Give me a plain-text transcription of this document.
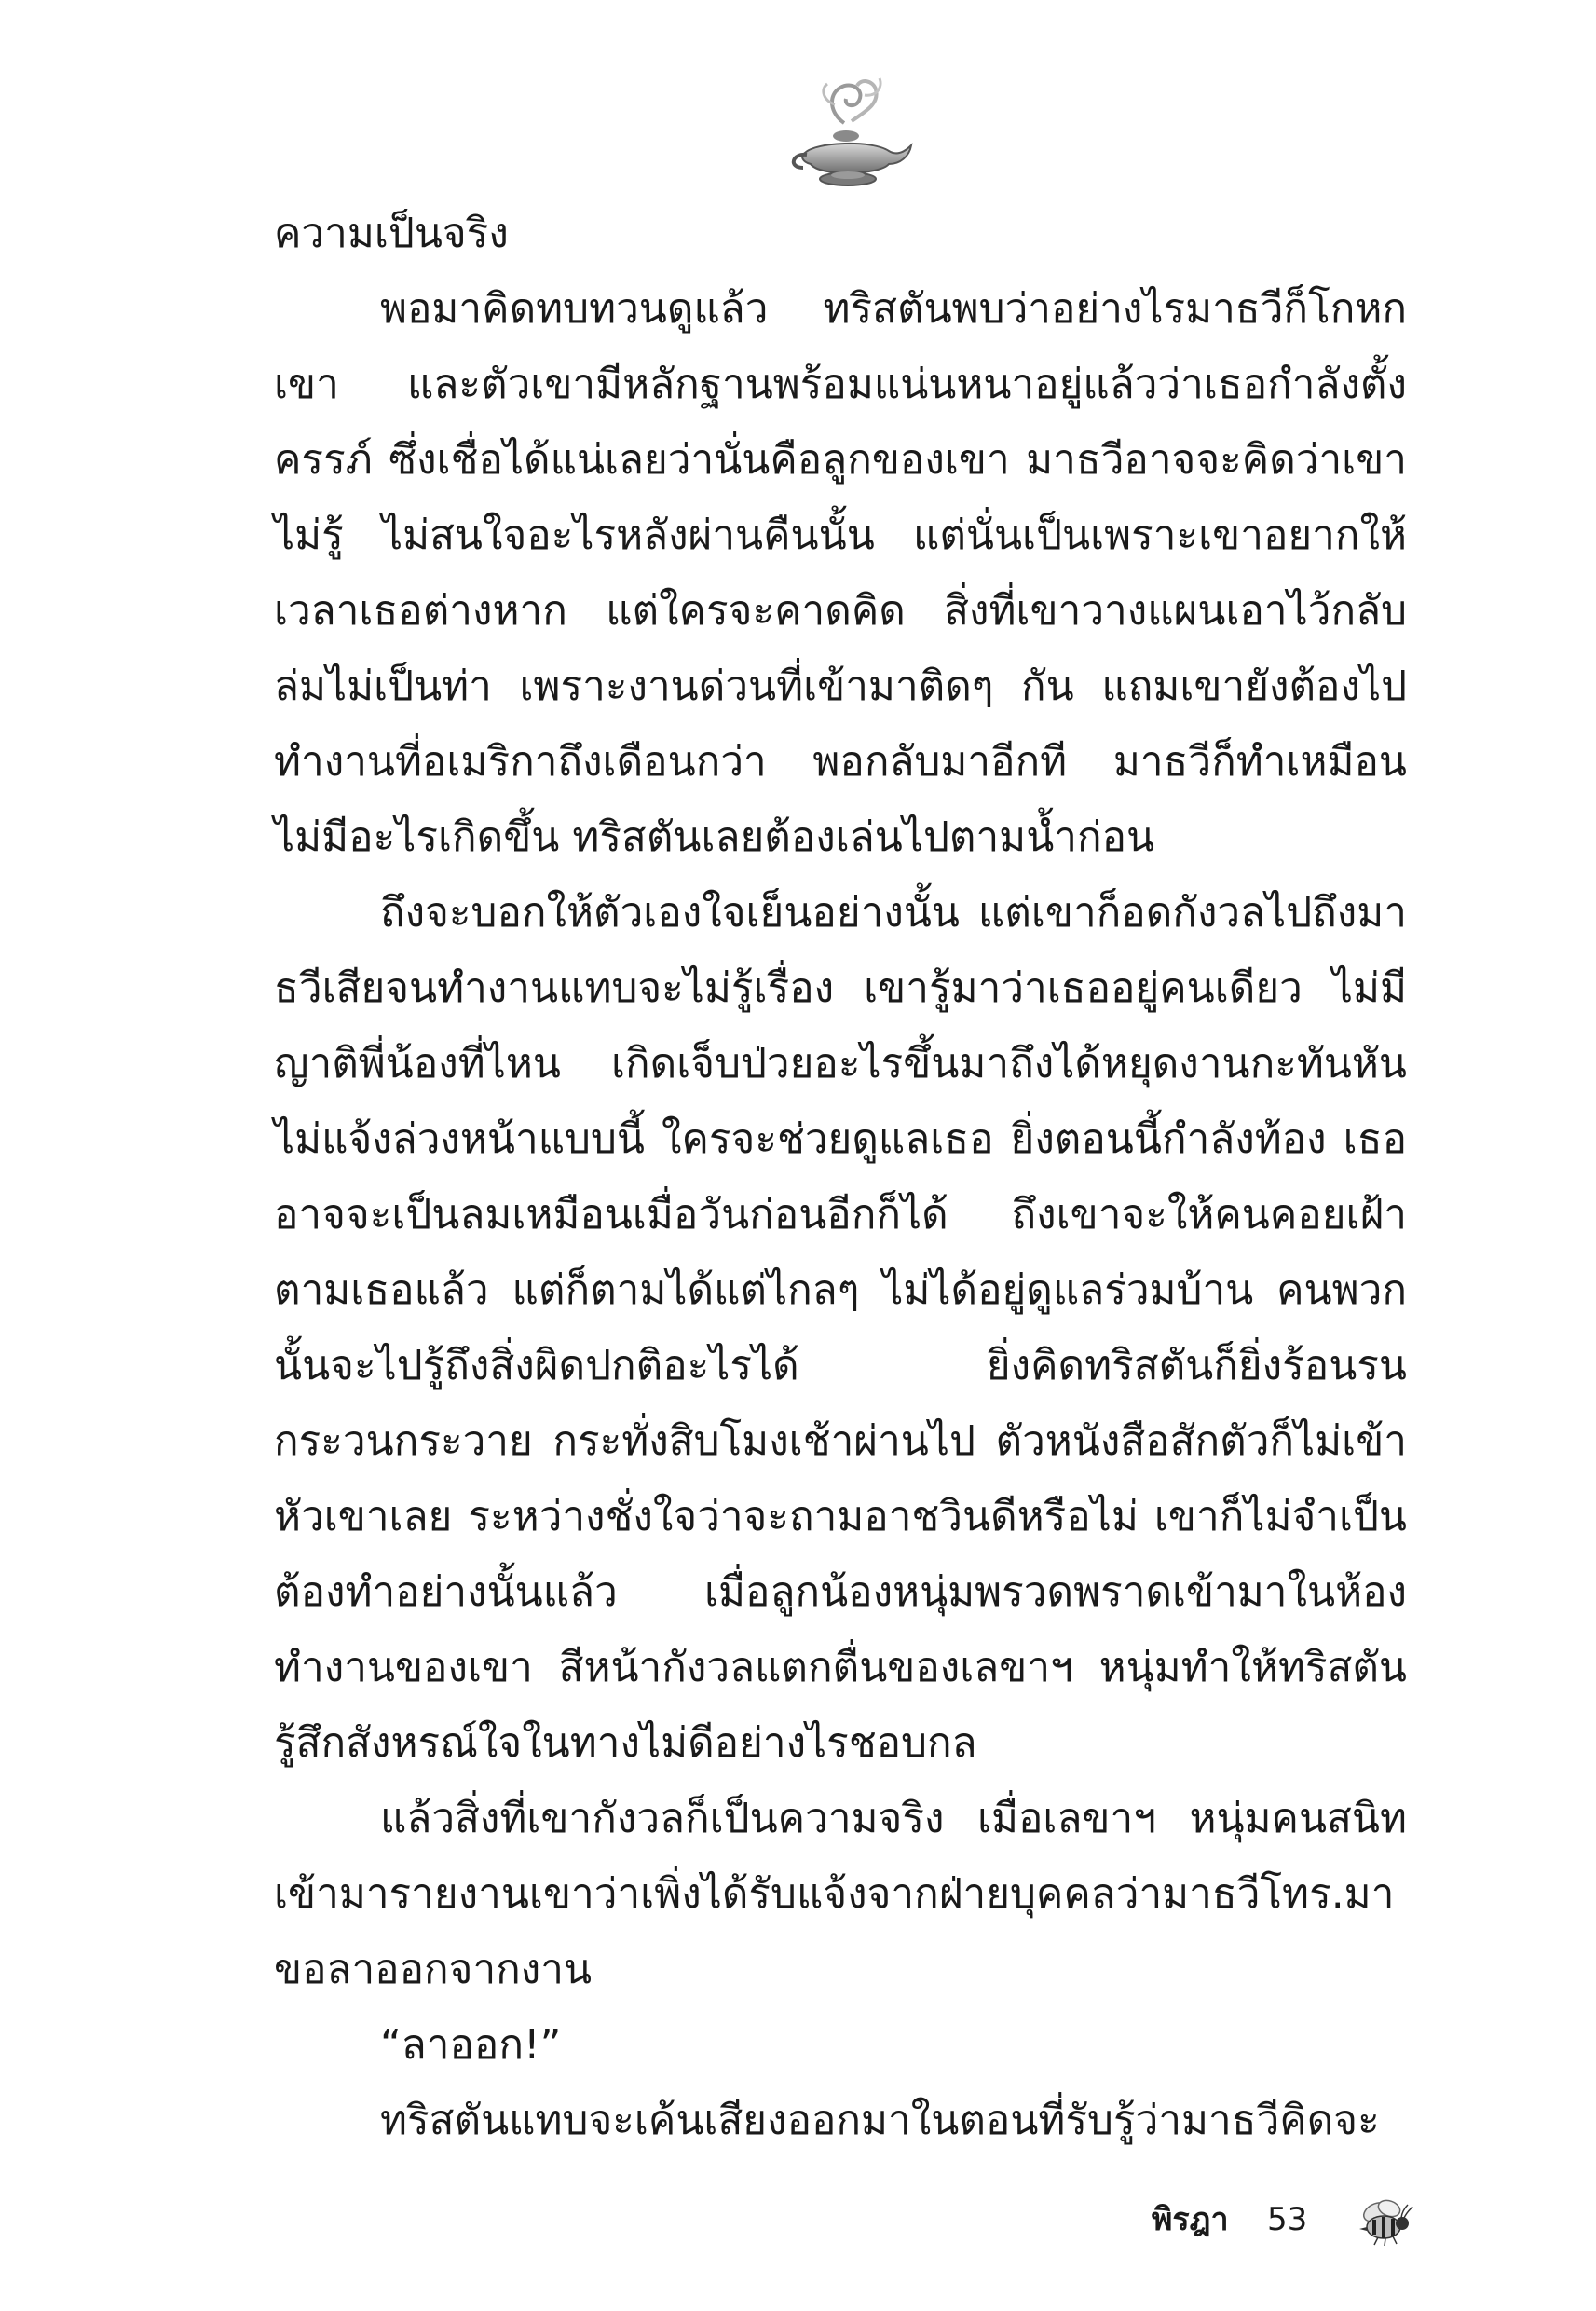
ความเป็นจริง

พอมาคิดทบทวนดูแล้ว ทริสตันพบว่าอย่างไรมาธวีก็โกหกเขา และตัวเขามีหลักฐานพร้อมแน่นหนาอยู่แล้วว่าเธอกำลังตั้งครรภ์ ซึ่งเชื่อได้แน่เลยว่านั่นคือลูกของเขา มาธวีอาจจะคิดว่าเขาไม่รู้ ไม่สนใจอะไรหลังผ่านคืนนั้น แต่นั่นเป็นเพราะเขาอยากให้เวลาเธอต่างหาก แต่ใครจะคาดคิด สิ่งที่เขาวางแผนเอาไว้กลับล่มไม่เป็นท่า เพราะงานด่วนที่เข้ามาติดๆ กัน แถมเขายังต้องไปทำงานที่อเมริกาถึงเดือนกว่า พอกลับมาอีกที มาธวีก็ทำเหมือนไม่มีอะไรเกิดขึ้น ทริสตันเลยต้องเล่นไปตามน้ำก่อน

ถึงจะบอกให้ตัวเองใจเย็นอย่างนั้น แต่เขาก็อดกังวลไปถึงมาธวีเสียจนทำงานแทบจะไม่รู้เรื่อง เขารู้มาว่าเธออยู่คนเดียว ไม่มีญาติพี่น้องที่ไหน เกิดเจ็บป่วยอะไรขึ้นมาถึงได้หยุดงานกะทันหันไม่แจ้งล่วงหน้าแบบนี้ ใครจะช่วยดูแลเธอ ยิ่งตอนนี้กำลังท้อง เธออาจจะเป็นลมเหมือนเมื่อวันก่อนอีกก็ได้ ถึงเขาจะให้คนคอยเฝ้าตามเธอแล้ว แต่ก็ตามได้แต่ไกลๆ ไม่ได้อยู่ดูแลร่วมบ้าน คนพวกนั้นจะไปรู้ถึงสิ่งผิดปกติอะไรได้ ยิ่งคิดทริสตันก็ยิ่งร้อนรนกระวนกระวาย กระทั่งสิบโมงเช้าผ่านไป ตัวหนังสือสักตัวก็ไม่เข้าหัวเขาเลย ระหว่างชั่งใจว่าจะถามอาชวินดีหรือไม่ เขาก็ไม่จำเป็นต้องทำอย่างนั้นแล้ว เมื่อลูกน้องหนุ่มพรวดพราดเข้ามาในห้องทำงานของเขา สีหน้ากังวลแตกตื่นของเลขาฯ หนุ่มทำให้ทริสตันรู้สึกสังหรณ์ใจในทางไม่ดีอย่างไรชอบกล

แล้วสิ่งที่เขากังวลก็เป็นความจริง เมื่อเลขาฯ หนุ่มคนสนิทเข้ามารายงานเขาว่าเพิ่งได้รับแจ้งจากฝ่ายบุคคลว่ามาธวีโทร.มาขอลาออกจากงาน

“ลาออก!”

ทริสตันแทบจะเค้นเสียงออกมาในตอนที่รับรู้ว่ามาธวีคิดจะ

พิรฎา 53
